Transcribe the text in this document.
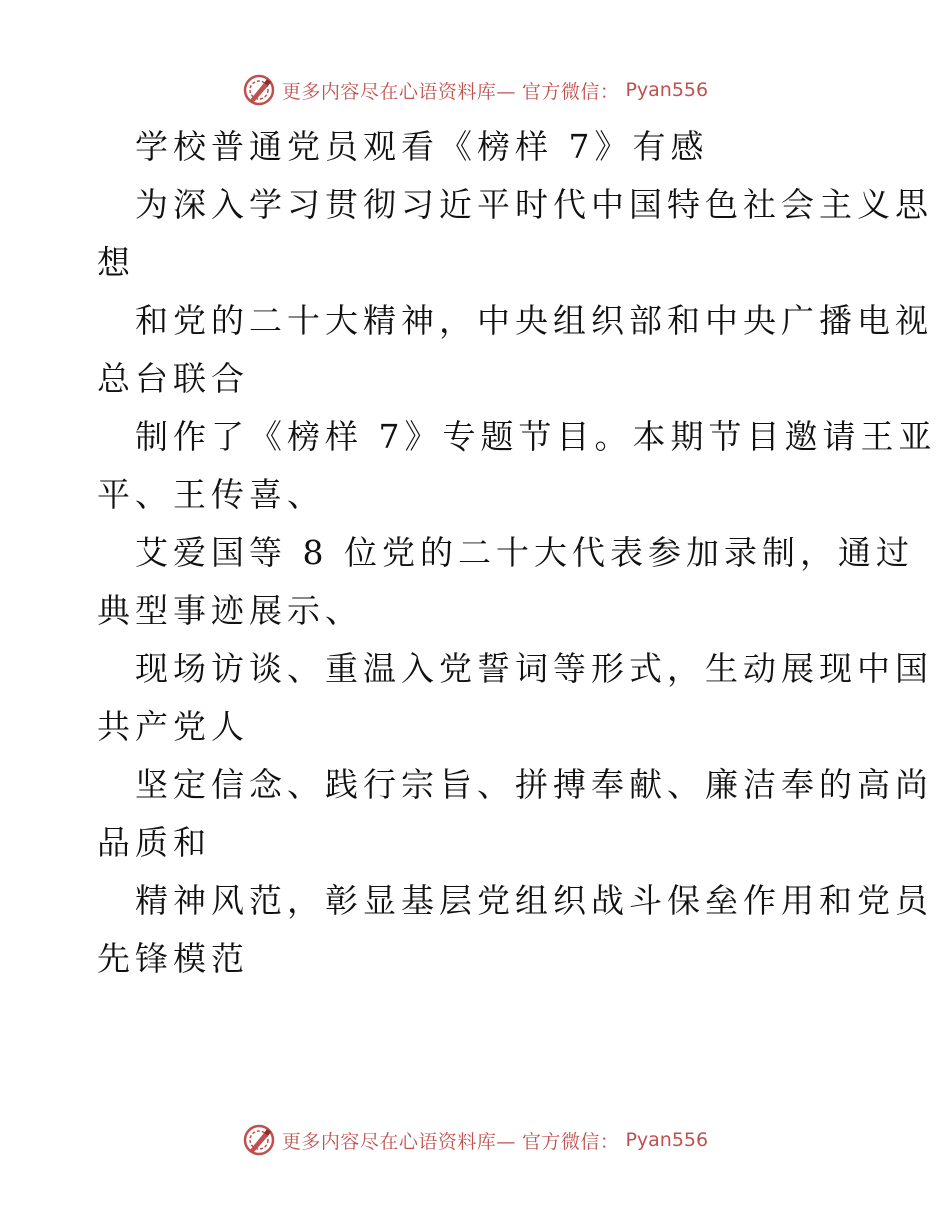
更多内容尽在心语资料库— 官方微信： Pyan556

学校普通党员观看《榜样 7》有感

为深入学习贯彻习近平时代中国特色社会主义思

想

和党的二十大精神，中央组织部和中央广播电视

总台联合

制作了《榜样 7》专题节目。本期节目邀请王亚

平、王传喜、

艾爱国等 8 位党的二十大代表参加录制，通过

典型事迹展示、

现场访谈、重温入党誓词等形式，生动展现中国

共产党人

坚定信念、践行宗旨、拼搏奉献、廉洁奉的高尚

品质和

精神风范，彰显基层党组织战斗保垒作用和党员

先锋模范

更多内容尽在心语资料库— 官方微信： Pyan556
